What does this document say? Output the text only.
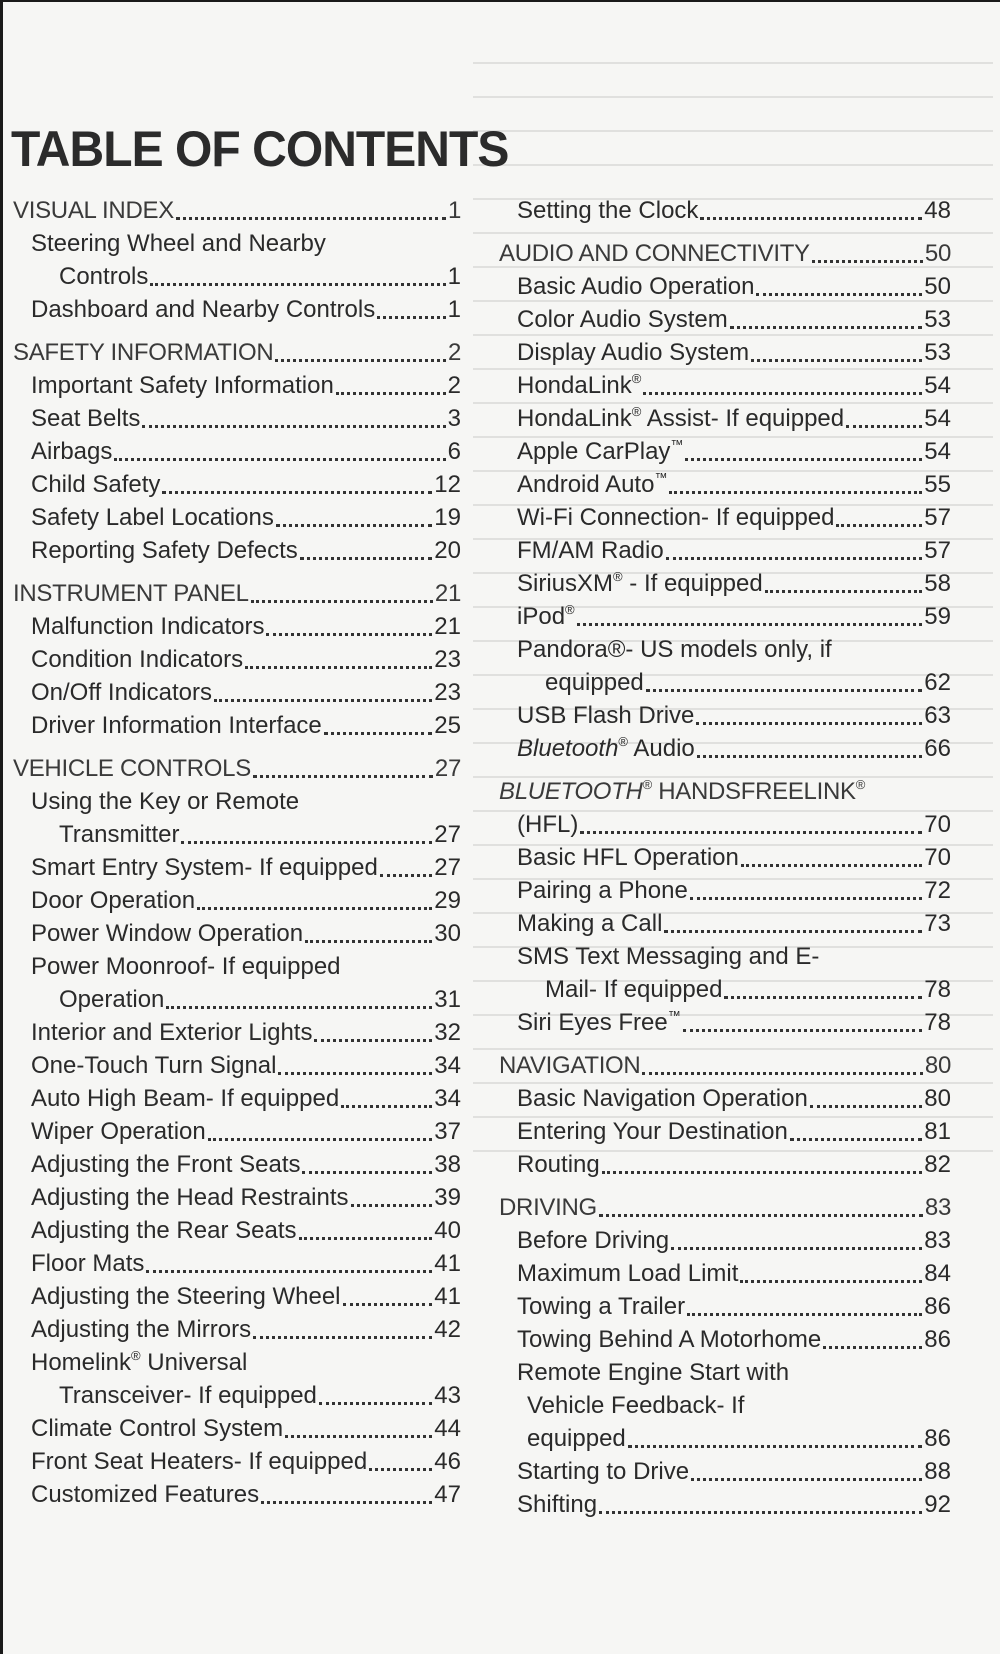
TABLE OF CONTENTS
VISUAL INDEX	1
Steering Wheel and Nearby
Controls	1
Dashboard and Nearby Controls	1
SAFETY INFORMATION	2
Important Safety Information	2
Seat Belts	3
Airbags	6
Child Safety	12
Safety Label Locations	19
Reporting Safety Defects	20
INSTRUMENT PANEL	21
Malfunction Indicators	21
Condition Indicators	23
On/Off Indicators	23
Driver Information Interface	25
VEHICLE CONTROLS	27
Using the Key or Remote
Transmitter	27
Smart Entry System- If equipped 27
Door Operation	29
Power Window Operation	30
Power Moonroof- If equipped
Operation	31
Interior and Exterior Lights	32
One-Touch Turn Signal	34
Auto High Beam- If equipped	34
Wiper Operation	37
Adjusting the Front Seats	38
Adjusting the Head Restraints	39
Adjusting the Rear Seats	40
Floor Mats	41
Adjusting the Steering Wheel	41
Adjusting the Mirrors	42
Homelink® Universal
Transceiver- If equipped	43
Climate Control System	44
Front Seat Heaters- If equipped	46
Customized Features	47
Setting the Clock	48
AUDIO AND CONNECTIVITY	50
Basic Audio Operation	50
Color Audio System	53
Display Audio System	53
HondaLink®	54
HondaLink® Assist- If equipped	54
Apple CarPlay™	54
Android Auto™	55
Wi-Fi Connection- If equipped	57
FM/AM Radio	57
SiriusXM® - If equipped	58
iPod®	59
Pandora®- US models only, if
equipped	62
USB Flash Drive	63
Bluetooth® Audio	66
BLUETOOTH® HANDSFREELINK®
(HFL)	70
Basic HFL Operation	70
Pairing a Phone	72
Making a Call	73
SMS Text Messaging and E-
Mail- If equipped	78
Siri Eyes Free™	78
NAVIGATION	80
Basic Navigation Operation	80
Entering Your Destination	81
Routing	82
DRIVING	83
Before Driving	83
Maximum Load Limit	84
Towing a Trailer	86
Towing Behind A Motorhome	86
Remote Engine Start with
Vehicle Feedback- If
equipped	86
Starting to Drive	88
Shifting	92
